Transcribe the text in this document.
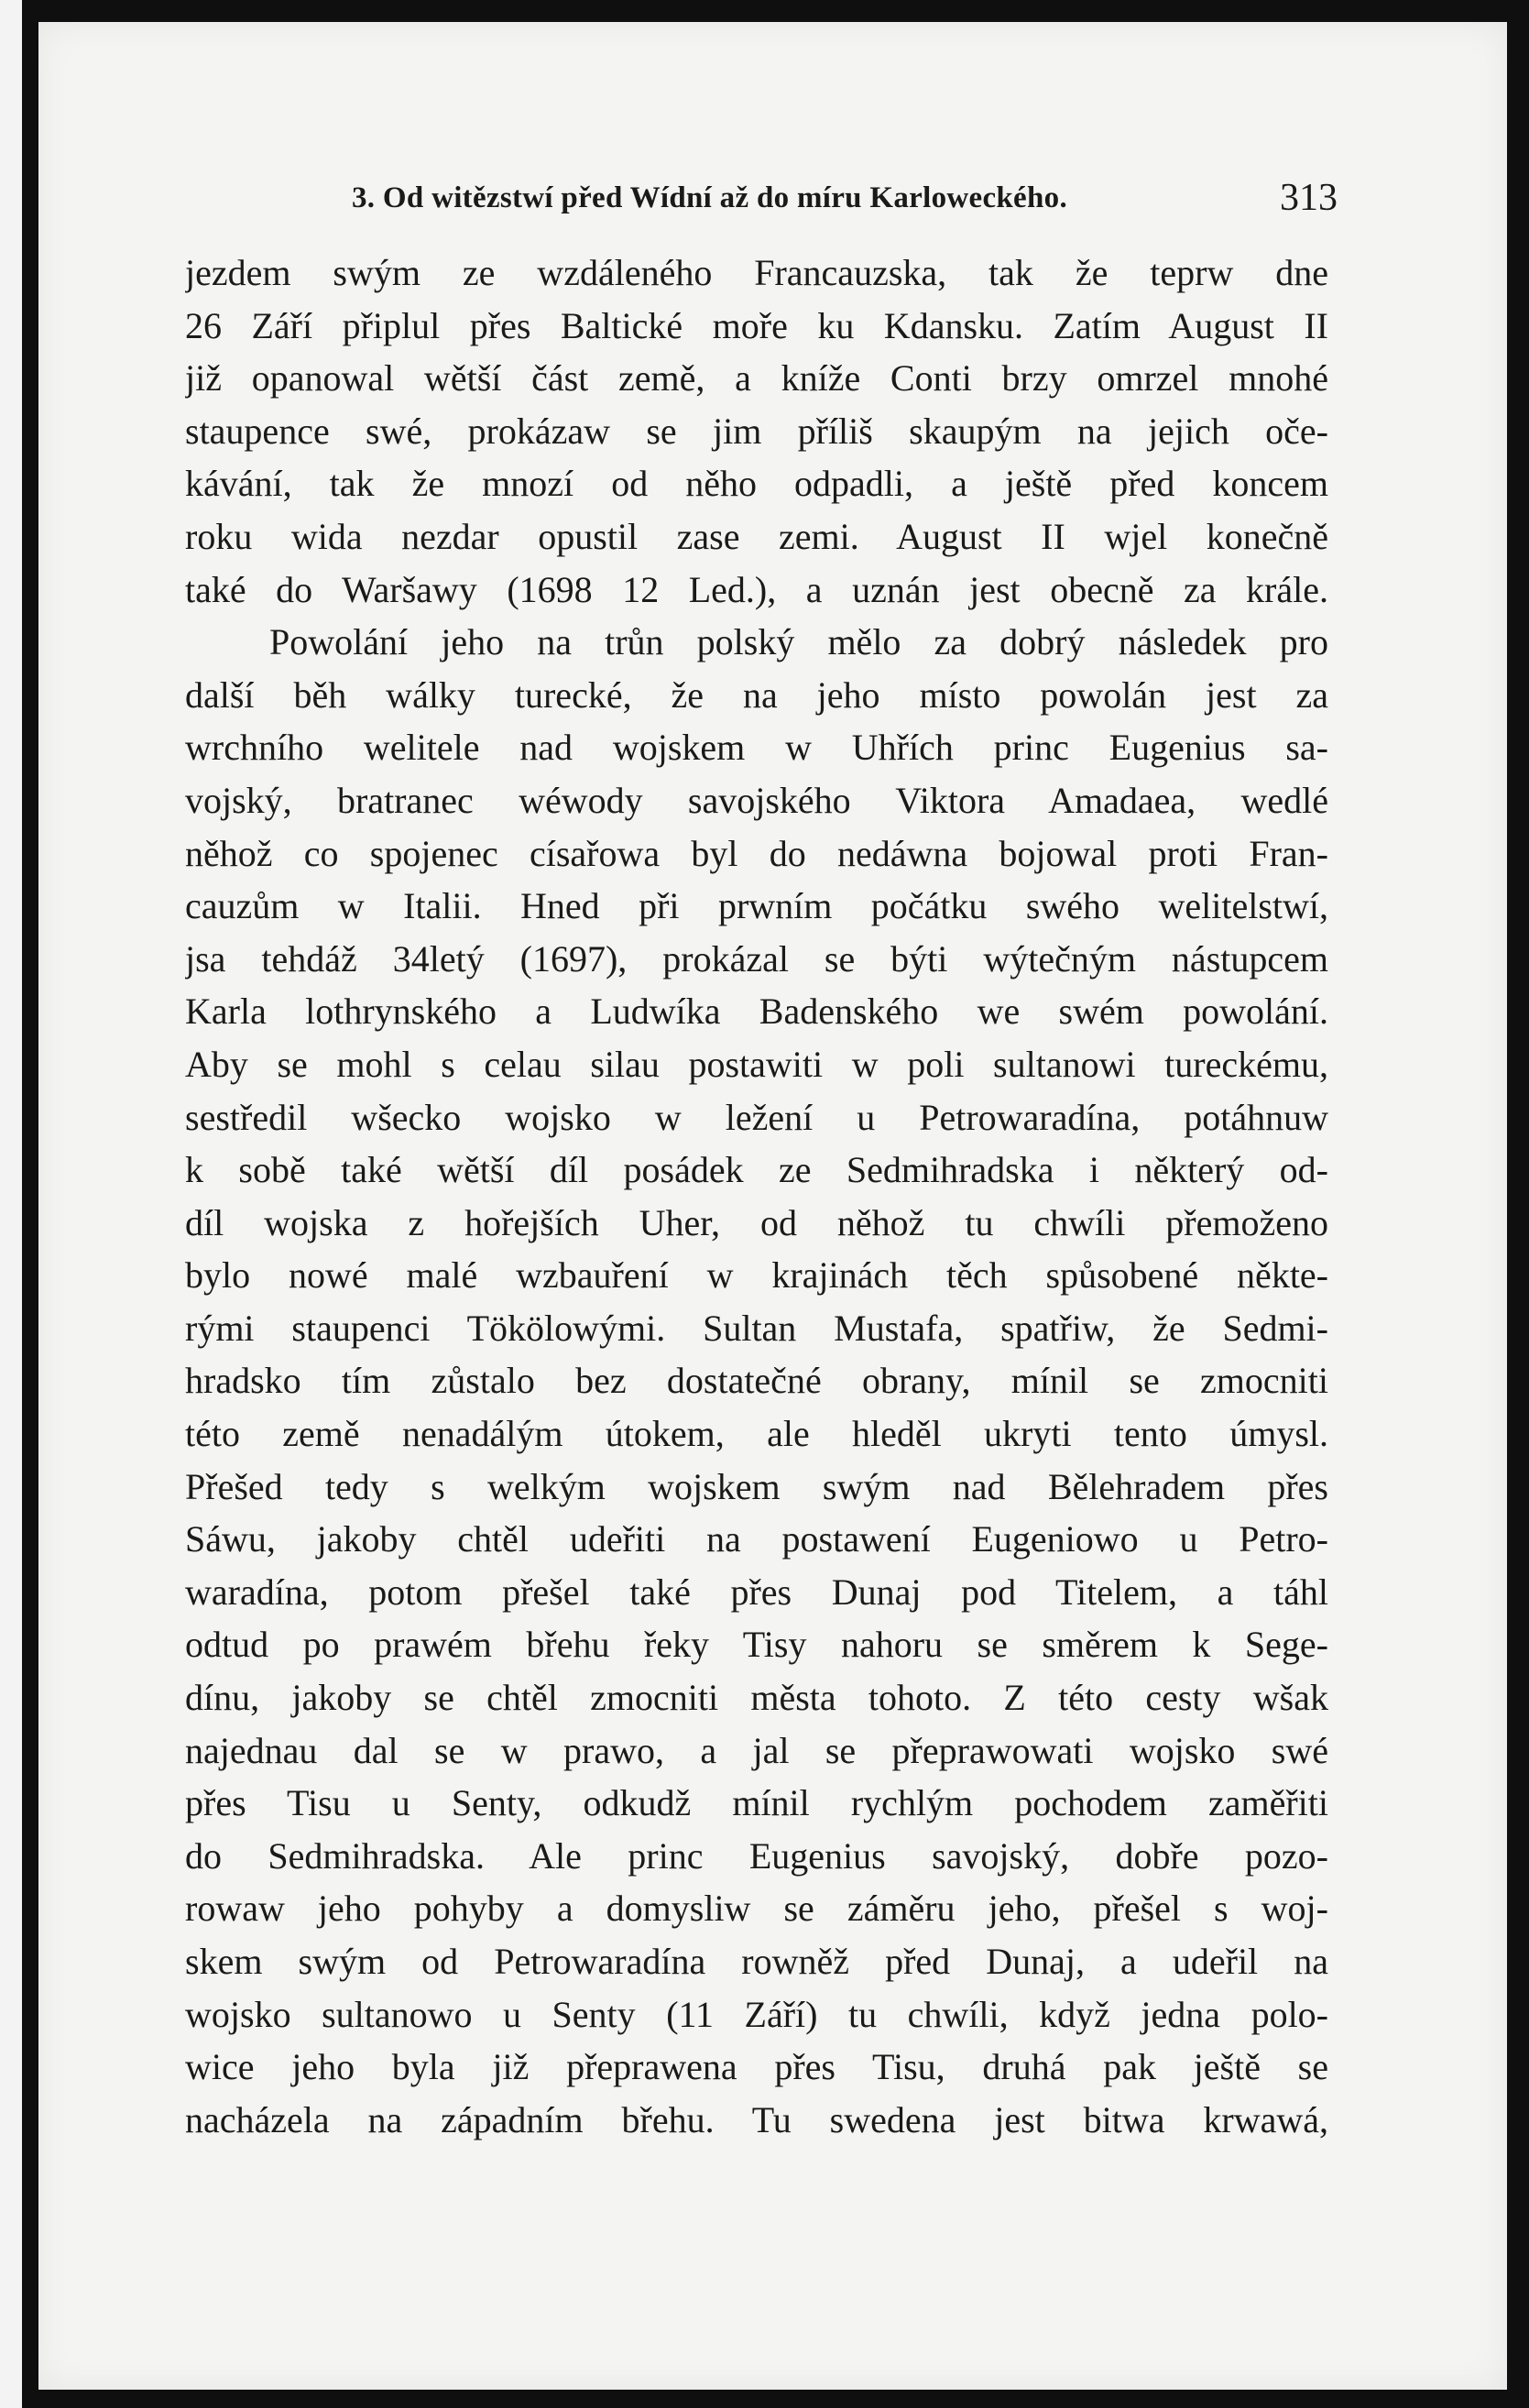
3. Od witězstwí před Wídní až do míru Karloweckého.	313
jezdem swým ze wzdáleného Francauzska, tak že teprw dne
26 Září připlul přes Baltické moře ku Kdansku. Zatím August II
již opanowal wětší část země, a kníže Conti brzy omrzel mnohé
staupence swé, prokázaw se jim příliš skaupým na jejich oče-
kávání, tak že mnozí od něho odpadli, a ještě před koncem
roku wida nezdar opustil zase zemi. August II wjel konečně
také do Waršawy (1698 12 Led.), a uznán jest obecně za krále.
Powolání jeho na trůn polský mělo za dobrý následek pro
další běh wálky turecké, že na jeho místo powolán jest za
wrchního welitele nad wojskem w Uhřích princ Eugenius sa-
vojský, bratranec wéwody savojského Viktora Amadaea, wedlé
něhož co spojenec císařowa byl do nedáwna bojowal proti Fran-
cauzům w Italii. Hned při prwním počátku swého welitelstwí,
jsa tehdáž 34letý (1697), prokázal se býti wýtečným nástupcem
Karla lothrynského a Ludwíka Badenského we swém powolání.
Aby se mohl s celau silau postawiti w poli sultanowi tureckému,
sestředil wšecko wojsko w ležení u Petrowaradína, potáhnuw
k sobě také wětší díl posádek ze Sedmihradska i některý od-
díl wojska z hořejších Uher, od něhož tu chwíli přemoženo
bylo nowé malé wzbauření w krajinách těch spůsobené někte-
rými staupenci Tökölowými. Sultan Mustafa, spatřiw, že Sedmi-
hradsko tím zůstalo bez dostatečné obrany, mínil se zmocniti
této země nenadálým útokem, ale hleděl ukryti tento úmysl.
Přešed tedy s welkým wojskem swým nad Bělehradem přes
Sáwu, jakoby chtěl udeřiti na postawení Eugeniowo u Petro-
waradína, potom přešel také přes Dunaj pod Titelem, a táhl
odtud po prawém břehu řeky Tisy nahoru se směrem k Sege-
dínu, jakoby se chtěl zmocniti města tohoto. Z této cesty wšak
najednau dal se w prawo, a jal se přeprawowati wojsko swé
přes Tisu u Senty, odkudž mínil rychlým pochodem zaměřiti
do Sedmihradska. Ale princ Eugenius savojský, dobře pozo-
rowaw jeho pohyby a domysliw se záměru jeho, přešel s woj-
skem swým od Petrowaradína rowněž před Dunaj, a udeřil na
wojsko sultanowo u Senty (11 Září) tu chwíli, když jedna polo-
wice jeho byla již přeprawena přes Tisu, druhá pak ještě se
nacházela na západním břehu. Tu swedena jest bitwa krwawá,
